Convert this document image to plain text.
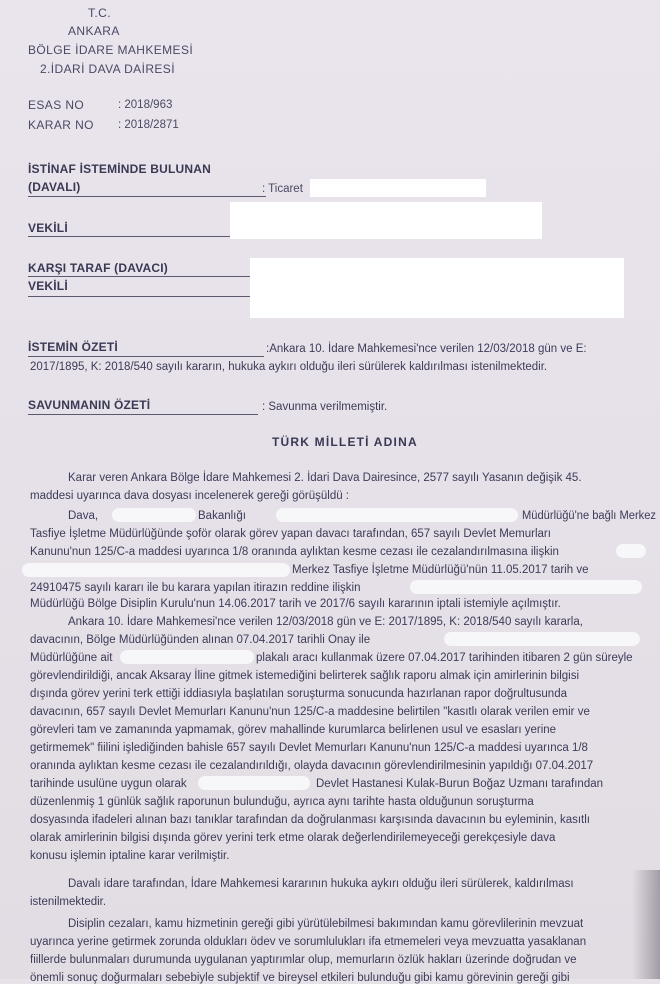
T.C.
ANKARA
BÖLGE İDARE MAHKEMESİ
2.İDARİ DAVA DAİRESİ
ESAS NO	: 2018/963
KARAR NO : 2018/2871
İSTİNAF İSTEMİNDE BULUNAN
(DAVALI)	: Ticaret
VEKİLİ
KARŞI TARAF (DAVACI)
VEKİLİ
İSTEMİN ÖZETİ	:Ankara 10. İdare Mahkemesi'nce verilen 12/03/2018 gün ve E:
2017/1895, K: 2018/540 sayılı kararın, hukuka aykırı olduğu ileri sürülerek kaldırılması istenilmektedir.
SAVUNMANIN ÖZETİ	: Savunma verilmemiştir.
TÜRK MİLLETİ ADINA
Karar veren Ankara Bölge İdare Mahkemesi 2. İdari Dava Dairesince, 2577 sayılı Yasanın değişik 45.
maddesi uyarınca dava dosyası incelenerek gereği görüşüldü :
Dava,	Bakanlığı	Müdürlüğü'ne bağlı Merkez
Tasfiye İşletme Müdürlüğünde şoför olarak görev yapan davacı tarafından, 657 sayılı Devlet Memurları
Kanunu'nun 125/C-a maddesi uyarınca 1/8 oranında aylıktan kesme cezası ile cezalandırılmasına ilişkin
Merkez Tasfiye İşletme Müdürlüğü'nün 11.05.2017 tarih ve
24910475 sayılı kararı ile bu karara yapılan itirazın reddine ilişkin
Müdürlüğü Bölge Disiplin Kurulu'nun 14.06.2017 tarih ve 2017/6 sayılı kararının iptali istemiyle açılmıştır.
Ankara 10. İdare Mahkemesi'nce verilen 12/03/2018 gün ve E: 2017/1895, K: 2018/540 sayılı kararla,
davacının, Bölge Müdürlüğünden alınan 07.04.2017 tarihli Onay ile
Müdürlüğüne ait	plakalı aracı kullanmak üzere 07.04.2017 tarihinden itibaren 2 gün süreyle
görevlendirildiği, ancak Aksaray İline gitmek istemediğini belirterek sağlık raporu almak için amirlerinin bilgisi
dışında görev yerini terk ettiği iddiasıyla başlatılan soruşturma sonucunda hazırlanan rapor doğrultusunda
davacının, 657 sayılı Devlet Memurları Kanunu'nun 125/C-a maddesine belirtilen "kasıtlı olarak verilen emir ve
görevleri tam ve zamanında yapmamak, görev mahallinde kurumlarca belirlenen usul ve esasları yerine
getirmemek" fiilini işlediğinden bahisle 657 sayılı Devlet Memurları Kanunu'nun 125/C-a maddesi uyarınca 1/8
oranında aylıktan kesme cezası ile cezalandırıldığı, olayda davacının görevlendirilmesinin yapıldığı 07.04.2017
tarihinde usulüne uygun olarak	Devlet Hastanesi Kulak-Burun Boğaz Uzmanı tarafından
düzenlenmiş 1 günlük sağlık raporunun bulunduğu, ayrıca aynı tarihte hasta olduğunun soruşturma
dosyasında ifadeleri alınan bazı tanıklar tarafından da doğrulanması karşısında davacının bu eyleminin, kasıtlı
olarak amirlerinin bilgisi dışında görev yerini terk etme olarak değerlendirilemeyeceği gerekçesiyle dava
konusu işlemin iptaline karar verilmiştir.
Davalı idare tarafından, İdare Mahkemesi kararının hukuka aykırı olduğu ileri sürülerek, kaldırılması
istenilmektedir.
Disiplin cezaları, kamu hizmetinin gereği gibi yürütülebilmesi bakımından kamu görevlilerinin mevzuat
uyarınca yerine getirmek zorunda oldukları ödev ve sorumlulukları ifa etmemeleri veya mevzuatta yasaklanan
fiillerde bulunmaları durumunda uygulanan yaptırımlar olup, memurların özlük hakları üzerinde doğrudan ve
önemli sonuç doğurmaları sebebiyle subjektif ve bireysel etkileri bulunduğu gibi kamu görevinin gereği gibi
